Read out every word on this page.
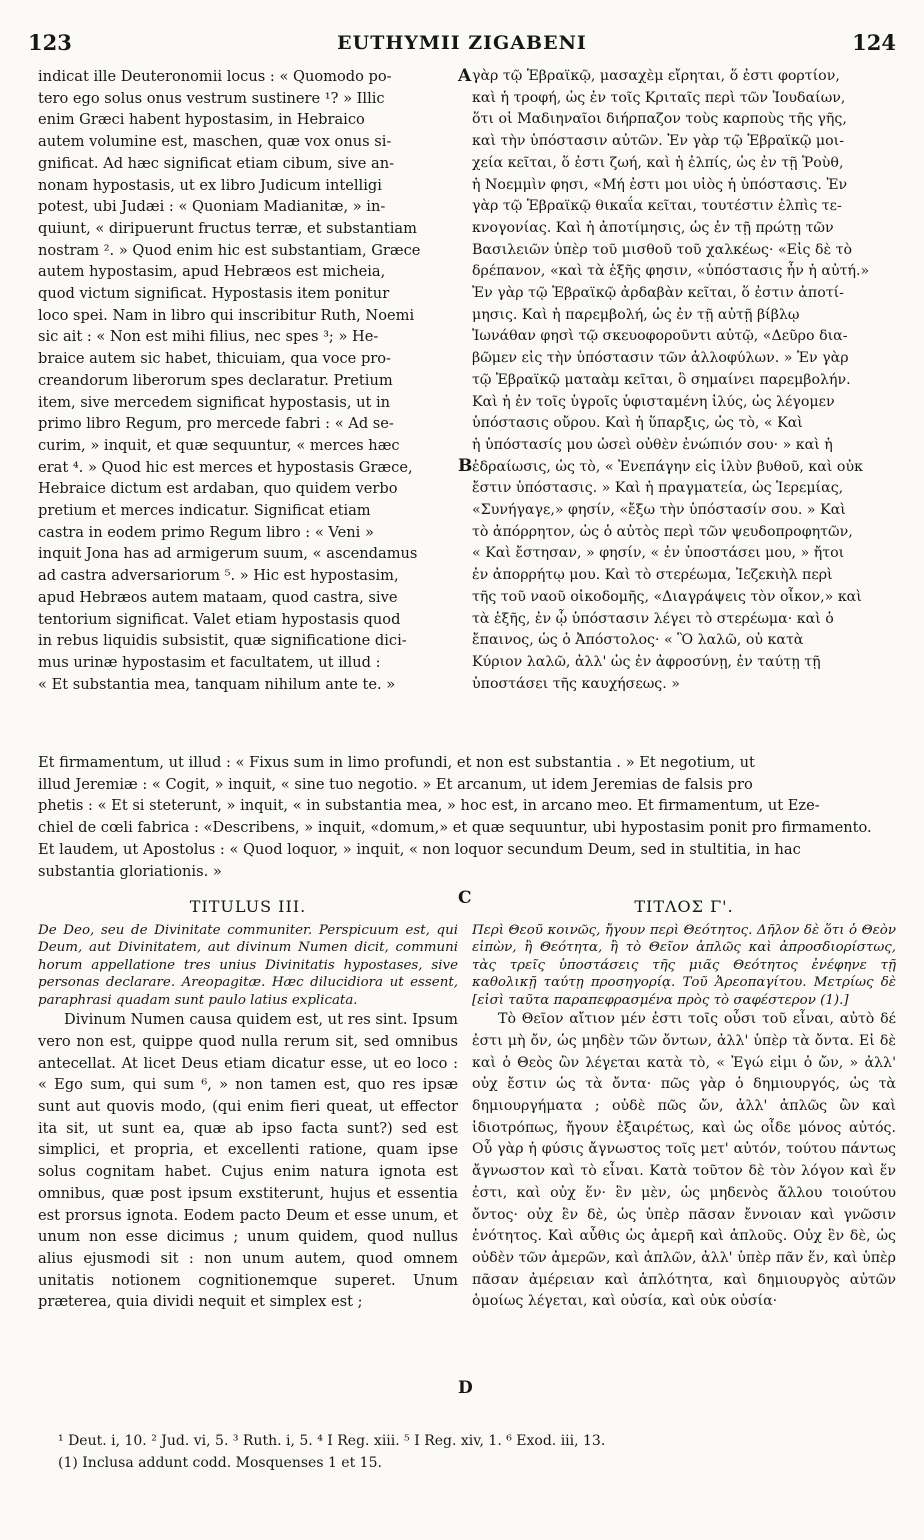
123	EUTHYMII ZIGABENI	124
A
B
C
D
indicat ille Deuteronomii locus : « Quomodo po-
tero ego solus onus vestrum sustinere ¹? » Illic
enim Græci habent hypostasim, in Hebraico
autem volumine est, maschen, quæ vox onus si-
gnificat. Ad hæc significat etiam cibum, sive an-
nonam hypostasis, ut ex libro Judicum intelligi
potest, ubi Judæi : « Quoniam Madianitæ, » in-
quiunt, « diripuerunt fructus terræ, et substantiam
nostram ². » Quod enim hic est substantiam, Græce
autem hypostasim, apud Hebræos est micheia,
quod victum significat. Hypostasis item ponitur
loco spei. Nam in libro qui inscribitur Ruth, Noemi
sic ait : « Non est mihi filius, nec spes ³; » He-
braice autem sic habet, thicuiam, qua voce pro-
creandorum liberorum spes declaratur. Pretium
item, sive mercedem significat hypostasis, ut in
primo libro Regum, pro mercede fabri : « Ad se-
curim, » inquit, et quæ sequuntur, « merces hæc
erat ⁴. » Quod hic est merces et hypostasis Græce,
Hebraice dictum est ardaban, quo quidem verbo
pretium et merces indicatur. Significat etiam
castra in eodem primo Regum libro : « Veni »
inquit Jona has ad armigerum suum, « ascendamus
ad castra adversariorum ⁵. » Hic est hypostasim,
apud Hebræos autem mataam, quod castra, sive
tentorium significat. Valet etiam hypostasis quod
in rebus liquidis subsistit, quæ significatione dici-
mus urinæ hypostasim et facultatem, ut illud :
« Et substantia mea, tanquam nihilum ante te. »
γὰρ τῷ Ἑβραϊκῷ, μασαχὲμ εἴρηται, ὅ ἐστι φορτίον,
καὶ ἡ τροφή, ὡς ἐν τοῖς Κριταῖς περὶ τῶν Ἰουδαίων,
ὅτι οἱ Μαδιηναῖοι διήρπαζον τοὺς καρποὺς τῆς γῆς,
καὶ τὴν ὑπόστασιν αὐτῶν. Ἐν γὰρ τῷ Ἑβραϊκῷ μοι-
χεία κεῖται, ὅ ἐστι ζωή, καὶ ἡ ἐλπίς, ὡς ἐν τῇ Ῥοὺθ,
ἡ Νοεμμὶν φησι, «Μή ἐστι μοι υἱὸς ἡ ὑπόστασις. Ἐν
γὰρ τῷ Ἑβραϊκῷ θικαΐα κεῖται, τουτέστιν ἐλπὶς τε-
κνογονίας. Καὶ ἡ ἀποτίμησις, ὡς ἐν τῇ πρώτῃ τῶν
Βασιλειῶν ὑπὲρ τοῦ μισθοῦ τοῦ χαλκέως· «Εἰς δὲ τὸ
δρέπανον, «καὶ τὰ ἑξῆς φησιν, «ὑπόστασις ἦν ἡ αὐτή.»
Ἐν γὰρ τῷ Ἑβραϊκῷ ἀρδαβὰν κεῖται, ὅ ἐστιν ἀποτί-
μησις. Καὶ ἡ παρεμβολή, ὡς ἐν τῇ αὐτῇ βίβλῳ
Ἰωνάθαν φησὶ τῷ σκευοφοροῦντι αὐτῷ, «Δεῦρο δια-
βῶμεν εἰς τὴν ὑπόστασιν τῶν ἀλλοφύλων. » Ἐν γὰρ
τῷ Ἑβραϊκῷ ματαὰμ κεῖται, ὃ σημαίνει παρεμβολήν.
Καὶ ἡ ἐν τοῖς ὑγροῖς ὑφισταμένη ἰλύς, ὡς λέγομεν
ὑπόστασις οὔρου. Καὶ ἡ ὕπαρξις, ὡς τὸ, « Καὶ
ἡ ὑπόστασίς μου ὡσεὶ οὐθὲν ἐνώπιόν σου· » καὶ ἡ
ἑδραίωσις, ὡς τὸ, « Ἐνεπάγην εἰς ἰλὺν βυθοῦ, καὶ οὐκ
ἔστιν ὑπόστασις. » Καὶ ἡ πραγματεία, ὡς Ἱερεμίας,
«Συνήγαγε,» φησίν, «ἔξω τὴν ὑπόστασίν σου. » Καὶ
τὸ ἀπόρρητον, ὡς ὁ αὐτὸς περὶ τῶν ψευδοπροφητῶν,
« Καὶ ἔστησαν, » φησίν, « ἐν ὑποστάσει μου, » ἤτοι
ἐν ἀπορρήτῳ μου. Καὶ τὸ στερέωμα, Ἰεζεκιὴλ περὶ
τῆς τοῦ ναοῦ οἰκοδομῆς, «Διαγράψεις τὸν οἶκον,» καὶ
τὰ ἑξῆς, ἐν ᾧ ὑπόστασιν λέγει τὸ στερέωμα· καὶ ὁ
ἔπαινος, ὡς ὁ Ἀπόστολος· « Ὃ λαλῶ, οὐ κατὰ
Κύριον λαλῶ, ἀλλ' ὡς ἐν ἀφροσύνῃ, ἐν ταύτῃ τῇ
ὑποστάσει τῆς καυχήσεως. »
Et firmamentum, ut illud : « Fixus sum in limo profundi, et non est substantia . » Et negotium, ut
illud Jeremiæ : « Cogit, » inquit, « sine tuo negotio. » Et arcanum, ut idem Jeremias de falsis pro
phetis : « Et si steterunt, » inquit, « in substantia mea, » hoc est, in arcano meo. Et firmamentum, ut Eze-
chiel de cœli fabrica : «Describens, » inquit, «domum,» et quæ sequuntur, ubi hypostasim ponit pro firmamento.
Et laudem, ut Apostolus : « Quod loquor, » inquit, « non loquor secundum Deum, sed in stultitia, in hac
substantia gloriationis. »
TITULUS III.

De Deo, seu de Divinitate communiter. Perspicuum est, qui Deum, aut Divinitatem, aut divinum Numen dicit, communi horum appellatione tres unius Divinitatis hypostases, sive personas declarare. Areopagitæ. Hæc dilucidiora ut essent, paraphrasi quadam sunt paulo latius explicata.

Divinum Numen causa quidem est, ut res sint. Ipsum vero non est, quippe quod nulla rerum sit, sed omnibus antecellat. At licet Deus etiam dicatur esse, ut eo loco : « Ego sum, qui sum ⁶, » non tamen est, quo res ipsæ sunt aut quovis modo, (qui enim fieri queat, ut effector ita sit, ut sunt ea, quæ ab ipso facta sunt?) sed est simplici, et propria, et excellenti ratione, quam ipse solus cognitam habet. Cujus enim natura ignota est omnibus, quæ post ipsum exstiterunt, hujus et essentia est prorsus ignota. Eodem pacto Deum et esse unum, et unum non esse dicimus ; unum quidem, quod nullus alius ejusmodi sit : non unum autem, quod omnem unitatis notionem cognitionemque superet. Unum præterea, quia dividi nequit et simplex est ;

ΤΙΤΛΟΣ Γ'.

Περὶ Θεοῦ κοινῶς, ἤγουν περὶ Θεότητος. Δῆλον δὲ ὅτι ὁ Θεὸν εἰπὼν, ἢ Θεότητα, ἢ τὸ Θεῖον ἁπλῶς καὶ ἀπροσδιορίστως, τὰς τρεῖς ὑποστάσεις τῆς μιᾶς Θεότητος ἐνέφηνε τῇ καθολικῇ ταύτῃ προσηγορίᾳ. Τοῦ Ἀρεοπαγίτου. Μετρίως δὲ [εἰσὶ ταῦτα παραπεφρασμένα πρὸς τὸ σαφέστερον (1).]

Τὸ Θεῖον αἴτιον μέν ἐστι τοῖς οὖσι τοῦ εἶναι, αὐτὸ δέ ἐστι μὴ ὄν, ὡς μηδὲν τῶν ὄντων, ἀλλ' ὑπὲρ τὰ ὄντα. Εἰ δὲ καὶ ὁ Θεὸς ὢν λέγεται κατὰ τὸ, « Ἐγώ εἰμι ὁ ὤν, » ἀλλ' οὐχ ἔστιν ὡς τὰ ὄντα· πῶς γὰρ ὁ δημιουργός, ὡς τὰ δημιουργήματα ; οὐδὲ πῶς ὤν, ἀλλ' ἁπλῶς ὢν καὶ ἰδιοτρόπως, ἤγουν ἐξαιρέτως, καὶ ὡς οἶδε μόνος αὐτός. Οὗ γὰρ ἡ φύσις ἄγνωστος τοῖς μετ' αὐτόν, τούτου πάντως ἄγνωστον καὶ τὸ εἶναι. Κατὰ τοῦτον δὲ τὸν λόγον καὶ ἕν ἐστι, καὶ οὐχ ἕν· ἓν μὲν, ὡς μηδενὸς ἄλλου τοιούτου ὄντος· οὐχ ἓν δὲ, ὡς ὑπὲρ πᾶσαν ἔννοιαν καὶ γνῶσιν ἑνότητος. Καὶ αὖθις ὡς ἀμερῆ καὶ ἁπλοῦς. Οὐχ ἓν δὲ, ὡς οὐδὲν τῶν ἀμερῶν, καὶ ἁπλῶν, ἀλλ' ὑπὲρ πᾶν ἕν, καὶ ὑπὲρ πᾶσαν ἀμέρειαν καὶ ἁπλότητα, καὶ δημιουργὸς αὐτῶν ὁμοίως λέγεται, καὶ οὐσία, καὶ οὐκ οὐσία·

¹ Deut. i, 10. ² Jud. vi, 5. ³ Ruth. i, 5. ⁴ I Reg. xiii. ⁵ I Reg. xiv, 1. ⁶ Exod. iii, 13.
(1) Inclusa addunt codd. Mosquenses 1 et 15.
